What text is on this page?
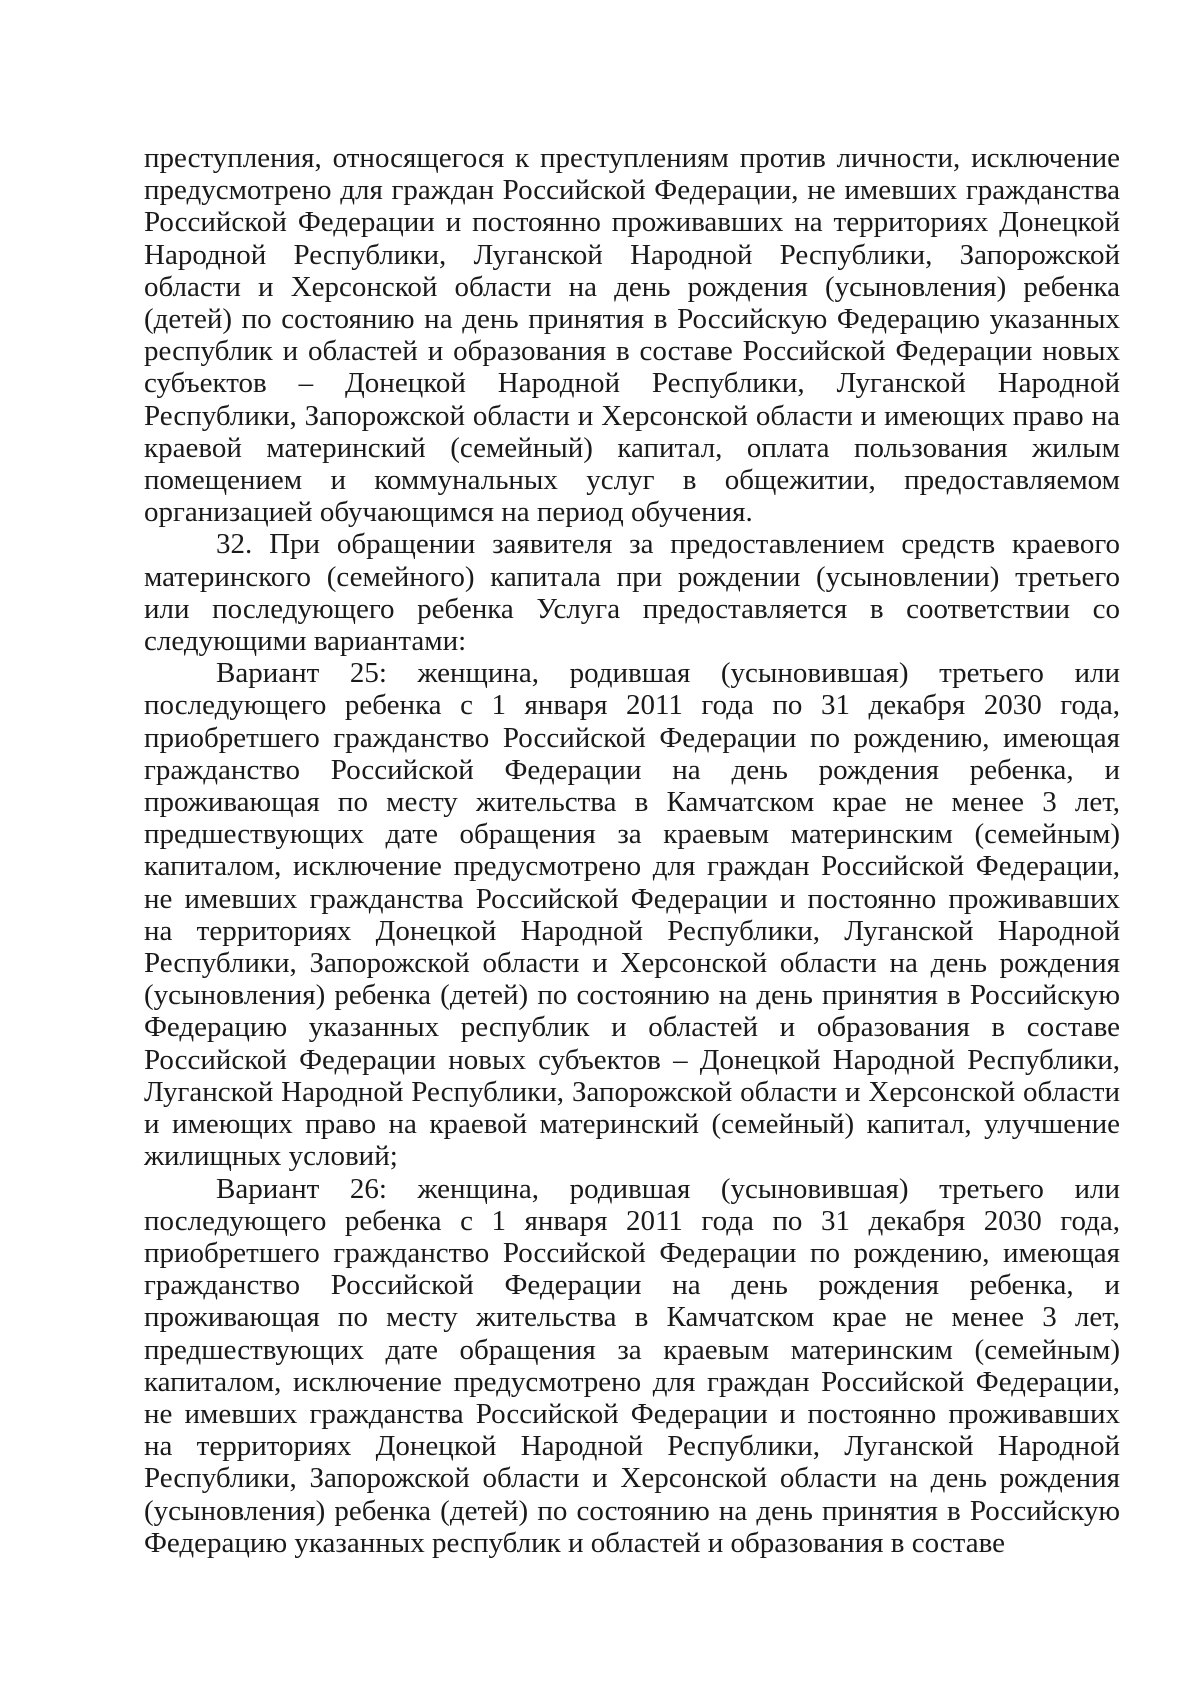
преступления, относящегося к преступлениям против личности, исключение предусмотрено для граждан Российской Федерации, не имевших гражданства Российской Федерации и постоянно проживавших на территориях Донецкой Народной Республики, Луганской Народной Республики, Запорожской области и Херсонской области на день рождения (усыновления) ребенка (детей) по состоянию на день принятия в Российскую Федерацию указанных республик и областей и образования в составе Российской Федерации новых субъектов – Донецкой Народной Республики, Луганской Народной Республики, Запорожской области и Херсонской области и имеющих право на краевой материнский (семейный) капитал, оплата пользования жилым помещением и коммунальных услуг в общежитии, предоставляемом организацией обучающимся на период обучения.

32. При обращении заявителя за предоставлением средств краевого материнского (семейного) капитала при рождении (усыновлении) третьего или последующего ребенка Услуга предоставляется в соответствии со следующими вариантами:

Вариант 25: женщина, родившая (усыновившая) третьего или последующего ребенка с 1 января 2011 года по 31 декабря 2030 года, приобретшего гражданство Российской Федерации по рождению, имеющая гражданство Российской Федерации на день рождения ребенка, и проживающая по месту жительства в Камчатском крае не менее 3 лет, предшествующих дате обращения за краевым материнским (семейным) капиталом, исключение предусмотрено для граждан Российской Федерации, не имевших гражданства Российской Федерации и постоянно проживавших на территориях Донецкой Народной Республики, Луганской Народной Республики, Запорожской области и Херсонской области на день рождения (усыновления) ребенка (детей) по состоянию на день принятия в Российскую Федерацию указанных республик и областей и образования в составе Российской Федерации новых субъектов – Донецкой Народной Республики, Луганской Народной Республики, Запорожской области и Херсонской области и имеющих право на краевой материнский (семейный) капитал, улучшение жилищных условий;

Вариант 26: женщина, родившая (усыновившая) третьего или последующего ребенка с 1 января 2011 года по 31 декабря 2030 года, приобретшего гражданство Российской Федерации по рождению, имеющая гражданство Российской Федерации на день рождения ребенка, и проживающая по месту жительства в Камчатском крае не менее 3 лет, предшествующих дате обращения за краевым материнским (семейным) капиталом, исключение предусмотрено для граждан Российской Федерации, не имевших гражданства Российской Федерации и постоянно проживавших на территориях Донецкой Народной Республики, Луганской Народной Республики, Запорожской области и Херсонской области на день рождения (усыновления) ребенка (детей) по состоянию на день принятия в Российскую Федерацию указанных республик и областей и образования в составе
